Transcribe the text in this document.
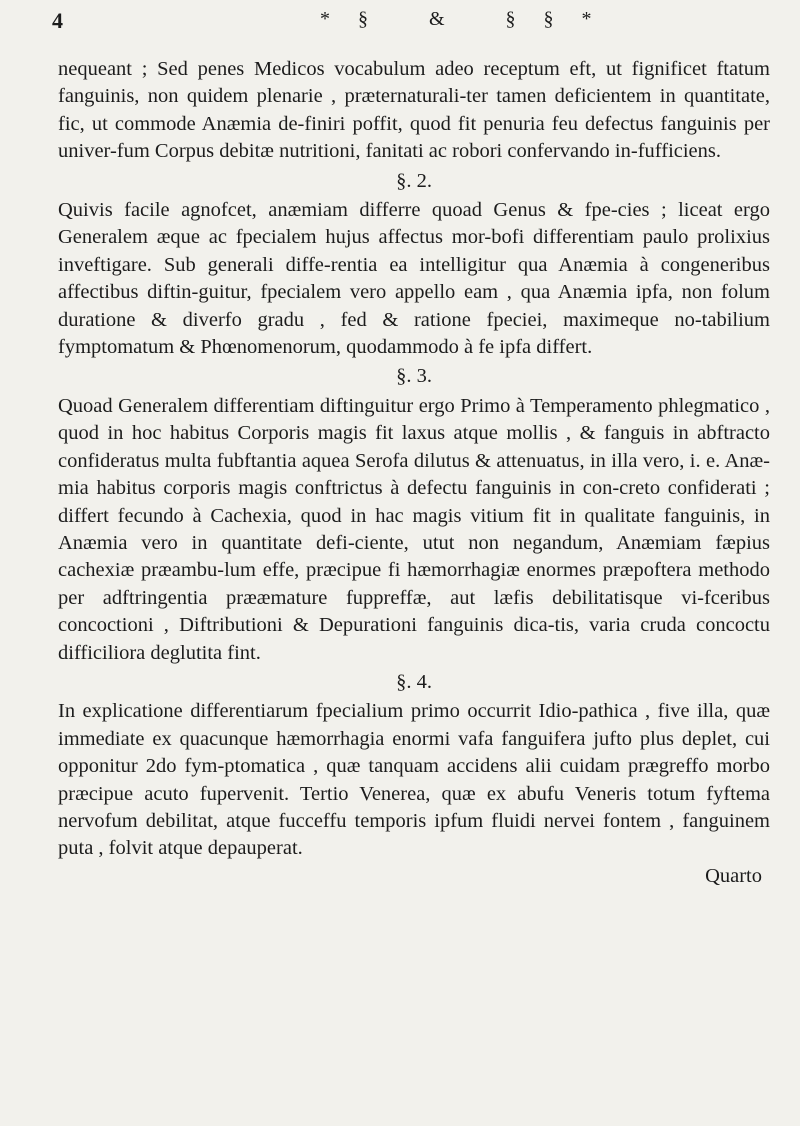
4	*§ & §§*

nequeant ; Sed penes Medicos vocabulum adeo receptum eft, ut fignificet ftatum fanguinis, non quidem plenarie , præternaturali-ter tamen deficientem in quantitate, fic, ut commode Anæmia de-finiri poffit, quod fit penuria feu defectus fanguinis per univer-fum Corpus debitæ nutritioni, fanitati ac robori confervando in-fufficiens.

§. 2.

Quivis facile agnofcet, anæmiam differre quoad Genus & fpe-cies ; liceat ergo Generalem æque ac fpecialem hujus affectus mor-bofi differentiam paulo prolixius inveftigare. Sub generali diffe-rentia ea intelligitur qua Anæmia à congeneribus affectibus diftin-guitur, fpecialem vero appello eam , qua Anæmia ipfa, non folum duratione & diverfo gradu , fed & ratione fpeciei, maximeque no-tabilium fymptomatum & Phœnomenorum, quodammodo à fe ipfa differt.

§. 3.

Quoad Generalem differentiam diftinguitur ergo Primo à Temperamento phlegmatico , quod in hoc habitus Corporis magis fit laxus atque mollis , & fanguis in abftracto confideratus multa fubftantia aquea Serofa dilutus & attenuatus, in illa vero, i. e. Anæ-mia habitus corporis magis conftrictus à defectu fanguinis in con-creto confiderati ; differt fecundo à Cachexia, quod in hac magis vitium fit in qualitate fanguinis, in Anæmia vero in quantitate defi-ciente, utut non negandum, Anæmiam fæpius cachexiæ præambu-lum effe, præcipue fi hæmorrhagiæ enormes præpoftera methodo per adftringentia prææmature fuppreffæ, aut læfis debilitatisque vi-fceribus concoctioni , Diftributioni & Depurationi fanguinis dica-tis, varia cruda concoctu difficiliora deglutita fint.

§. 4.

In explicatione differentiarum fpecialium primo occurrit Idio-pathica , five illa, quæ immediate ex quacunque hæmorrhagia enormi vafa fanguifera jufto plus deplet, cui opponitur 2do fym-ptomatica , quæ tanquam accidens alii cuidam prægreffo morbo præcipue acuto fupervenit. Tertio Venerea, quæ ex abufu Veneris totum fyftema nervofum debilitat, atque fucceffu temporis ipfum fluidi nervei fontem , fanguinem puta , folvit atque depauperat.

Quarto
